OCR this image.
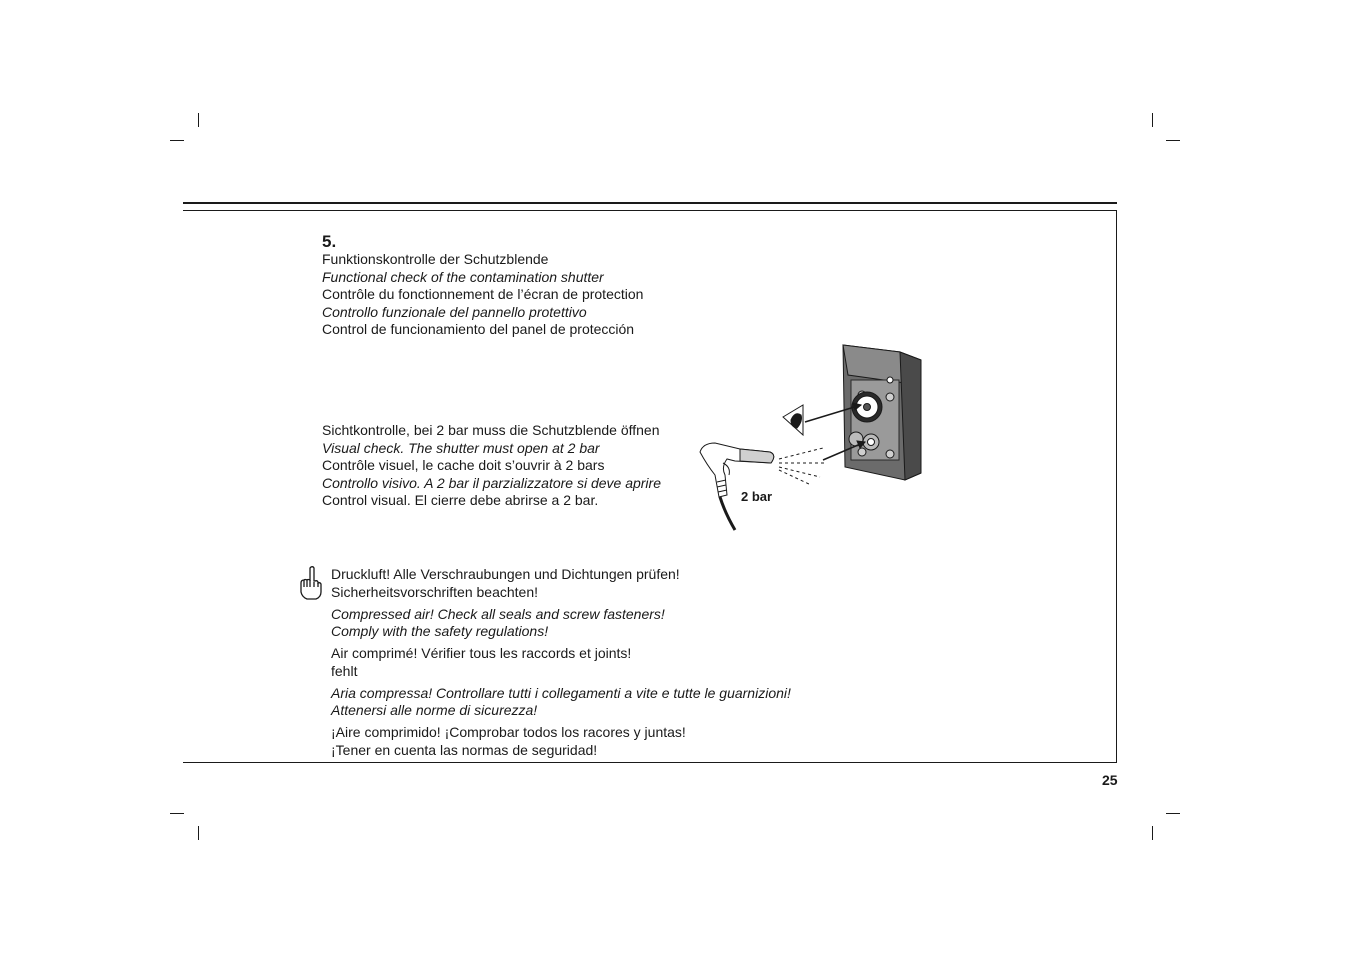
5.
Funktionskontrolle der Schutzblende
Functional check of the contamination shutter
Contrôle du fonctionnement de l’écran de protection
Controllo funzionale del pannello protettivo
Control de funcionamiento del panel de protección
Sichtkontrolle, bei 2 bar muss die Schutzblende öffnen
Visual check. The shutter must open at 2 bar
Contrôle visuel, le cache doit s’ouvrir à 2 bars
Controllo visivo. A 2 bar il parzializzatore si deve aprire
Control visual. El cierre debe abrirse a 2 bar.	2 bar
Druckluft! Alle Verschraubungen und Dichtungen prüfen!
Sicherheitsvorschriften beachten!
Compressed air! Check all seals and screw fasteners!
Comply with the safety regulations!
Air comprimé! Vérifier tous les raccords et joints!
fehlt
Aria compressa! Controllare tutti i collegamenti a vite e tutte le guarnizioni!
Attenersi alle norme di sicurezza!
¡Aire comprimido! ¡Comprobar todos los racores y juntas!
¡Tener en cuenta las normas de seguridad!
25
